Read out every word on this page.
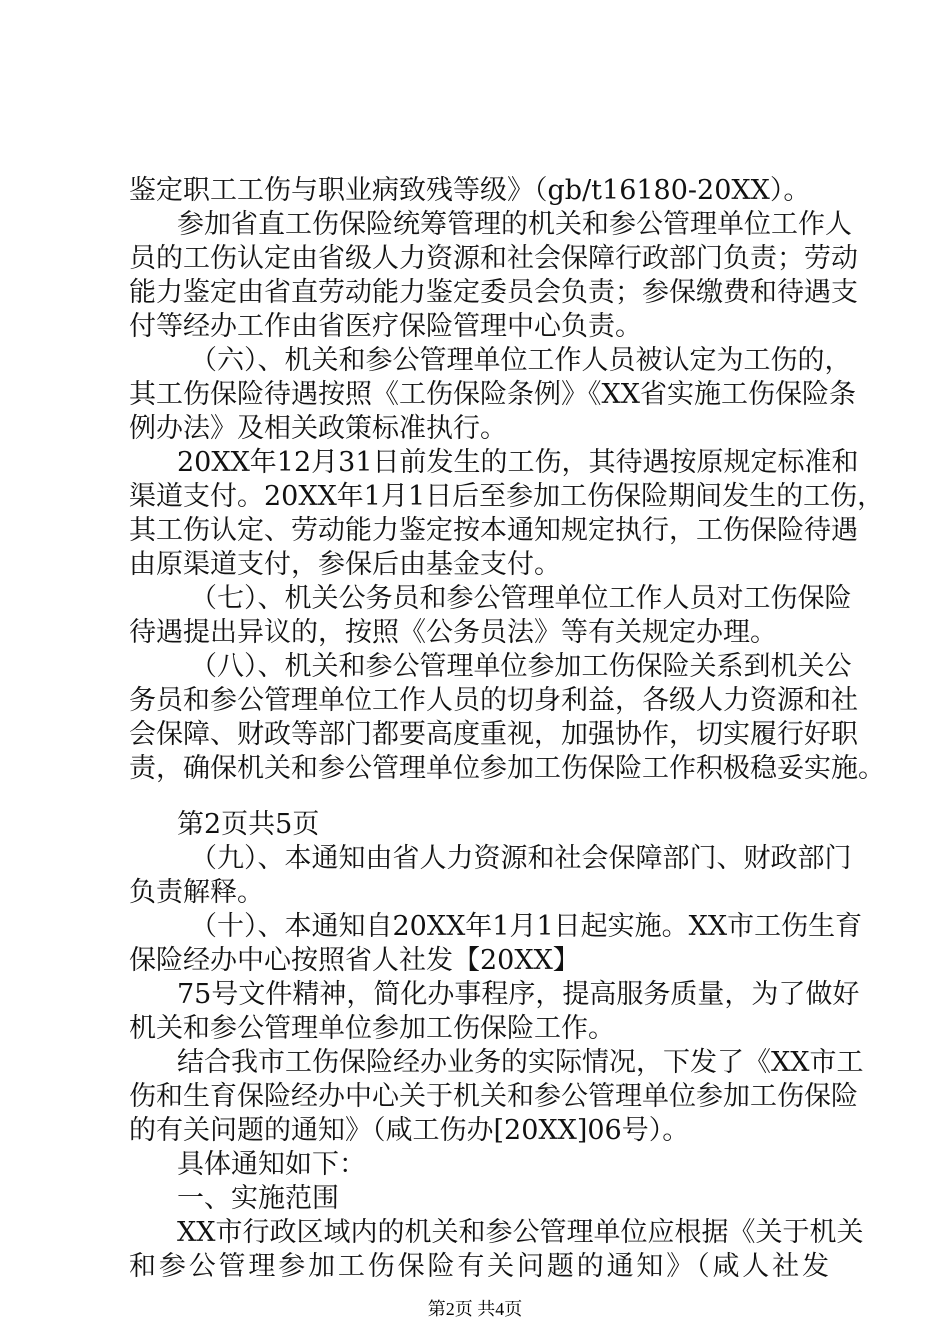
鉴定职工工伤与职业病致残等级》（gb/t16180-20XX）。
参加省直工伤保险统筹管理的机关和参公管理单位工作人
员的工伤认定由省级人力资源和社会保障行政部门负责；劳动
能力鉴定由省直劳动能力鉴定委员会负责；参保缴费和待遇支
付等经办工作由省医疗保险管理中心负责。
（六）、机关和参公管理单位工作人员被认定为工伤的，
其工伤保险待遇按照《工伤保险条例》《XX省实施工伤保险条
例办法》及相关政策标准执行。
20XX年12月31日前发生的工伤，其待遇按原规定标准和
渠道支付。20XX年1月1日后至参加工伤保险期间发生的工伤，
其工伤认定、劳动能力鉴定按本通知规定执行，工伤保险待遇
由原渠道支付，参保后由基金支付。
（七）、机关公务员和参公管理单位工作人员对工伤保险
待遇提出异议的，按照《公务员法》等有关规定办理。
（八）、机关和参公管理单位参加工伤保险关系到机关公
务员和参公管理单位工作人员的切身利益，各级人力资源和社
会保障、财政等部门都要高度重视，加强协作，切实履行好职
责，确保机关和参公管理单位参加工伤保险工作积极稳妥实施。
第2页共5页
（九）、本通知由省人力资源和社会保障部门、财政部门
负责解释。
（十）、本通知自20XX年1月1日起实施。XX市工伤生育
保险经办中心按照省人社发【20XX】
75号文件精神，简化办事程序，提高服务质量，为了做好
机关和参公管理单位参加工伤保险工作。
结合我市工伤保险经办业务的实际情况，下发了《XX市工
伤和生育保险经办中心关于机关和参公管理单位参加工伤保险
的有关问题的通知》（咸工伤办[20XX]06号）。
具体通知如下：
一、实施范围
XX市行政区域内的机关和参公管理单位应根据《关于机关
和参公管理参加工伤保险有关问题的通知》（咸人社发
第2页 共4页
